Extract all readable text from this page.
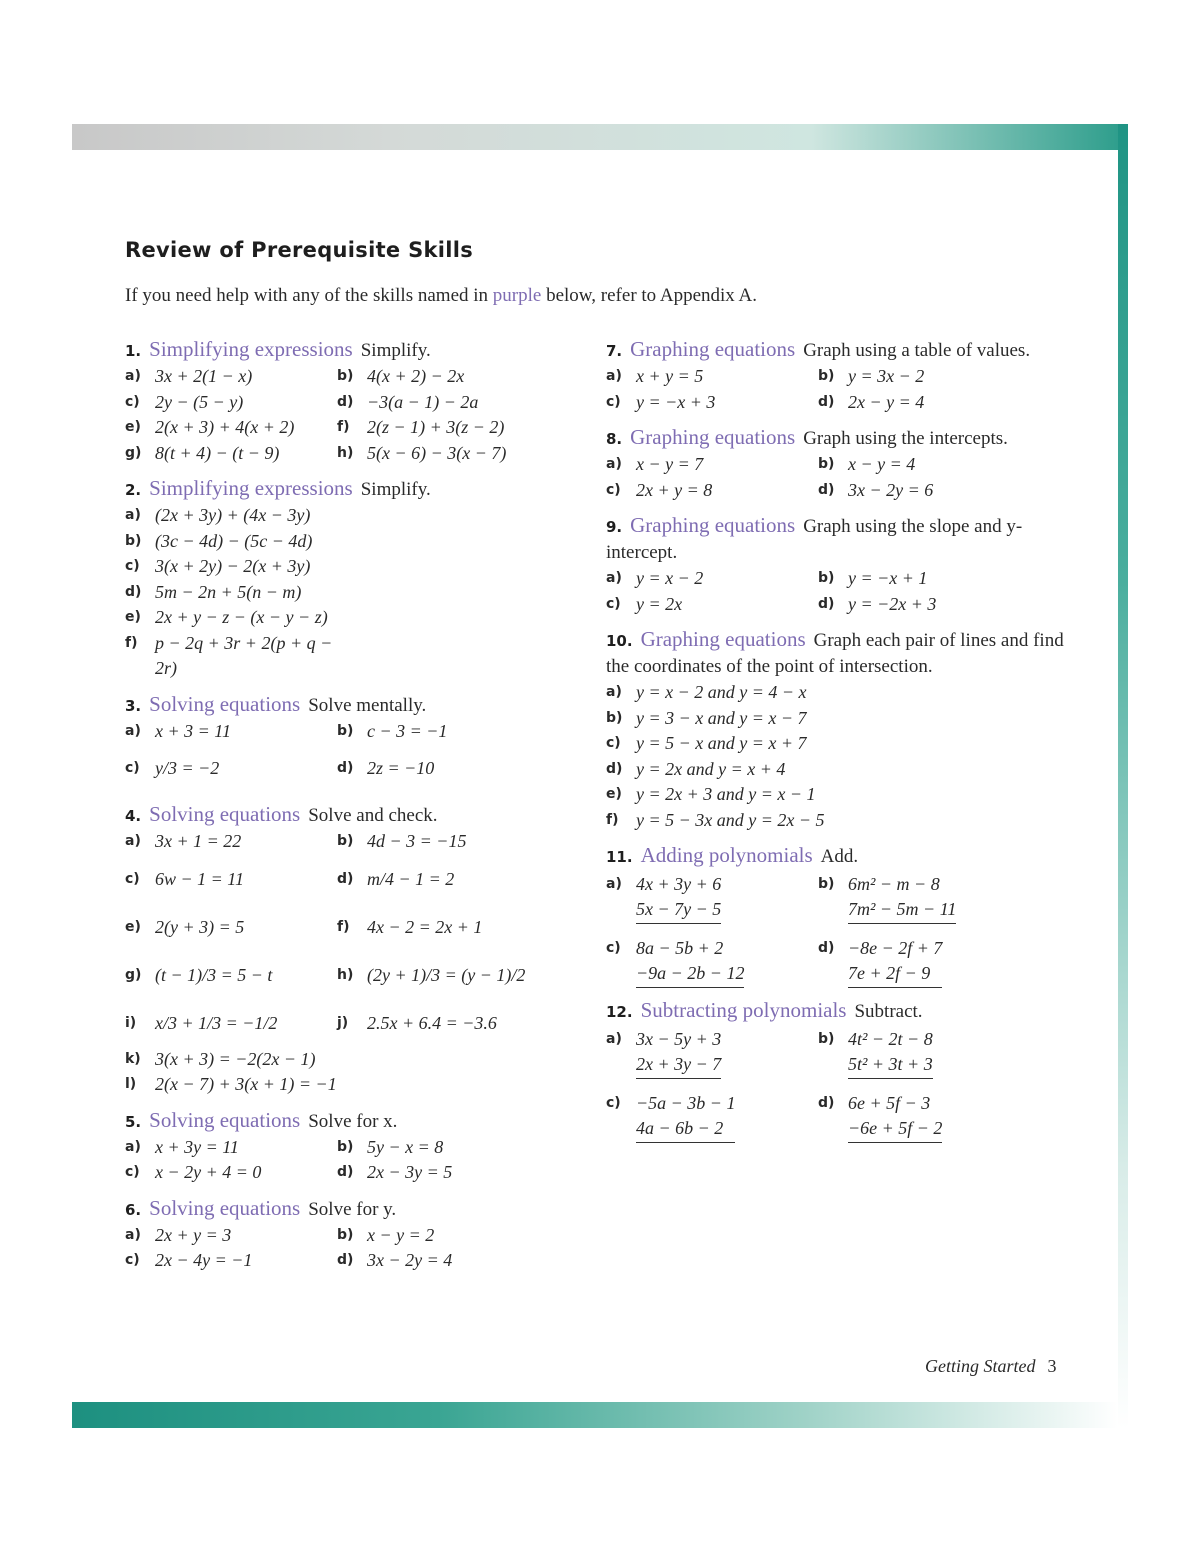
Review of Prerequisite Skills
If you need help with any of the skills named in purple below, refer to Appendix A.
1. Simplifying expressions Simplify.
a) 3x + 2(1 − x)	b) 4(x + 2) − 2x
c) 2y − (5 − y)	d) −3(a − 1) − 2a
e) 2(x + 3) + 4(x + 2)	f) 2(z − 1) + 3(z − 2)
g) 8(t + 4) − (t − 9)	h) 5(x − 6) − 3(x − 7)
2. Simplifying expressions Simplify.
a) (2x + 3y) + (4x − 3y)
b) (3c − 4d) − (5c − 4d)
c) 3(x + 2y) − 2(x + 3y)
d) 5m − 2n + 5(n − m)
e) 2x + y − z − (x − y − z)
f) p − 2q + 3r + 2(p + q − 2r)
3. Solving equations Solve mentally.
a) x + 3 = 11	b) c − 3 = −1
c) y/3 = −2	d) 2z = −10
4. Solving equations Solve and check.
a) 3x + 1 = 22	b) 4d − 3 = −15
c) 6w − 1 = 11	d) m/4 − 1 = 2
e) 2(y + 3) = 5	f) 4x − 2 = 2x + 1
g) (t − 1)/3 = 5 − t	h) (2y + 1)/3 = (y − 1)/2
i)	x/3 + 1/3 = −1/2	j)	2.5x + 6.4 = −3.6
k) 3(x + 3) = −2(2x − 1)
l)	2(x − 7) + 3(x + 1) = −1
5. Solving equations Solve for x.
a) x + 3y = 11	b) 5y − x = 8
c) x − 2y + 4 = 0	d) 2x − 3y = 5
6. Solving equations Solve for y.
a) 2x + y = 3	b) x − y = 2
c) 2x − 4y = −1	d) 3x − 2y = 4
7. Graphing equations Graph using a table of values.
a) x + y = 5	b) y = 3x − 2
c) y = −x + 3	d) 2x − y = 4
8. Graphing equations Graph using the intercepts.
a) x − y = 7	b) x − y = 4
c) 2x + y = 8	d) 3x − 2y = 6
9. Graphing equations Graph using the slope and y-intercept.
a) y = x − 2	b) y = −x + 1
c) y = 2x	d) y = −2x + 3
10. Graphing equations Graph each pair of lines and find the coordinates of the point of intersection.
a) y = x − 2 and y = 4 − x
b) y = 3 − x and y = x − 7
c) y = 5 − x and y = x + 7
d) y = 2x and y = x + 4
e) y = 2x + 3 and y = x − 1
f) y = 5 − 3x and y = 2x − 5
11. Adding polynomials Add.
a) 4x + 3y + 6
5x − 7y − 5
b) 6m² − m − 8
7m² − 5m − 11
c) 8a − 5b + 2
−9a − 2b − 12
d) −8e − 2f + 7
7e + 2f − 9
12. Subtracting polynomials Subtract.
a) 3x − 5y + 3
2x + 3y − 7
b) 4t² − 2t − 8
5t² + 3t + 3
c) −5a − 3b − 1
4a − 6b − 2
d) 6e + 5f − 3
−6e + 5f − 2
Getting Started 3
